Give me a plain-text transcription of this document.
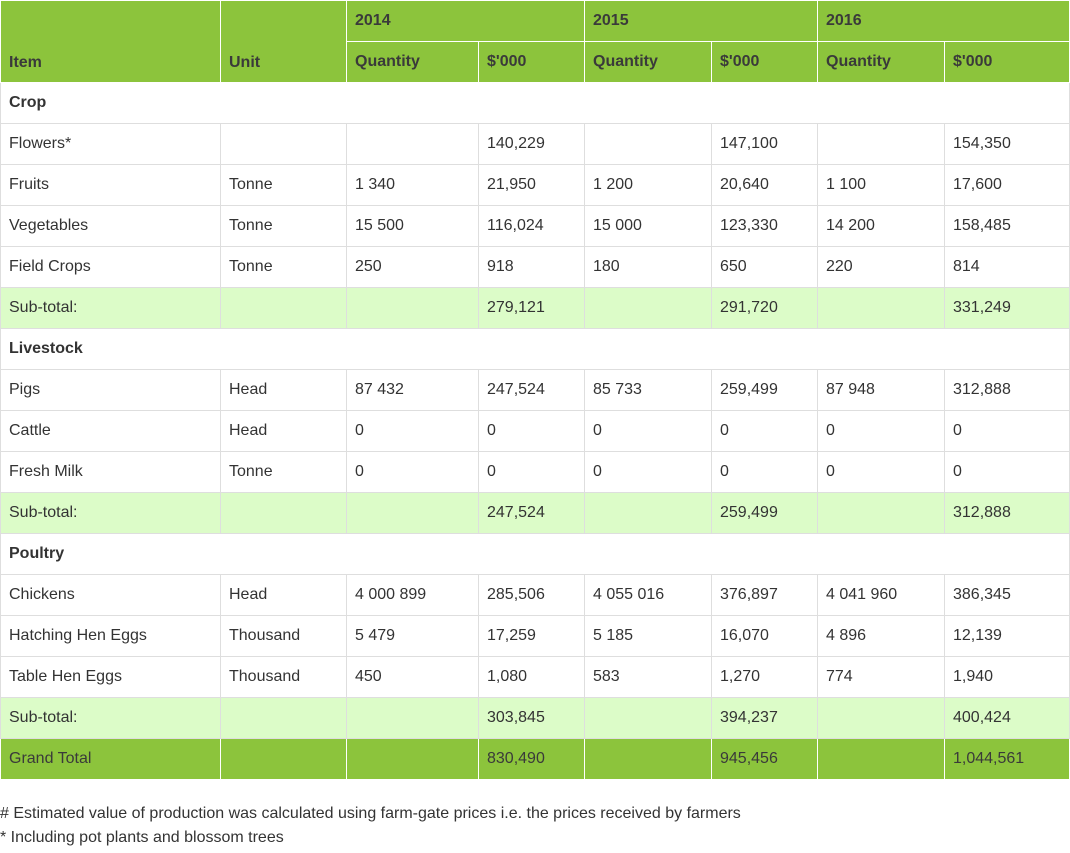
Item	Unit	2014		2015		2016	
		Quantity	$'000	Quantity	$'000	Quantity	$'000
Crop							
Flowers*			140,229		147,100		154,350
Fruits	Tonne	1 340	21,950	1 200	20,640	1 100	17,600
Vegetables	Tonne	15 500	116,024	15 000	123,330	14 200	158,485
Field Crops	Tonne	250	918	180	650	220	814
Sub-total:			279,121		291,720		331,249
Livestock							
Pigs	Head	87 432	247,524	85 733	259,499	87 948	312,888
Cattle	Head	0	0	0	0	0	0
Fresh Milk	Tonne	0	0	0	0	0	0
Sub-total:			247,524		259,499		312,888
Poultry							
Chickens	Head	4 000 899	285,506	4 055 016	376,897	4 041 960	386,345
Hatching Hen Eggs	Thousand	5 479	17,259	5 185	16,070	4 896	12,139
Table Hen Eggs	Thousand	450	1,080	583	1,270	774	1,940
Sub-total:			303,845		394,237		400,424
Grand Total			830,490		945,456		1,044,561
# Estimated value of production was calculated using farm-gate prices i.e. the prices received by farmers
* Including pot plants and blossom trees
